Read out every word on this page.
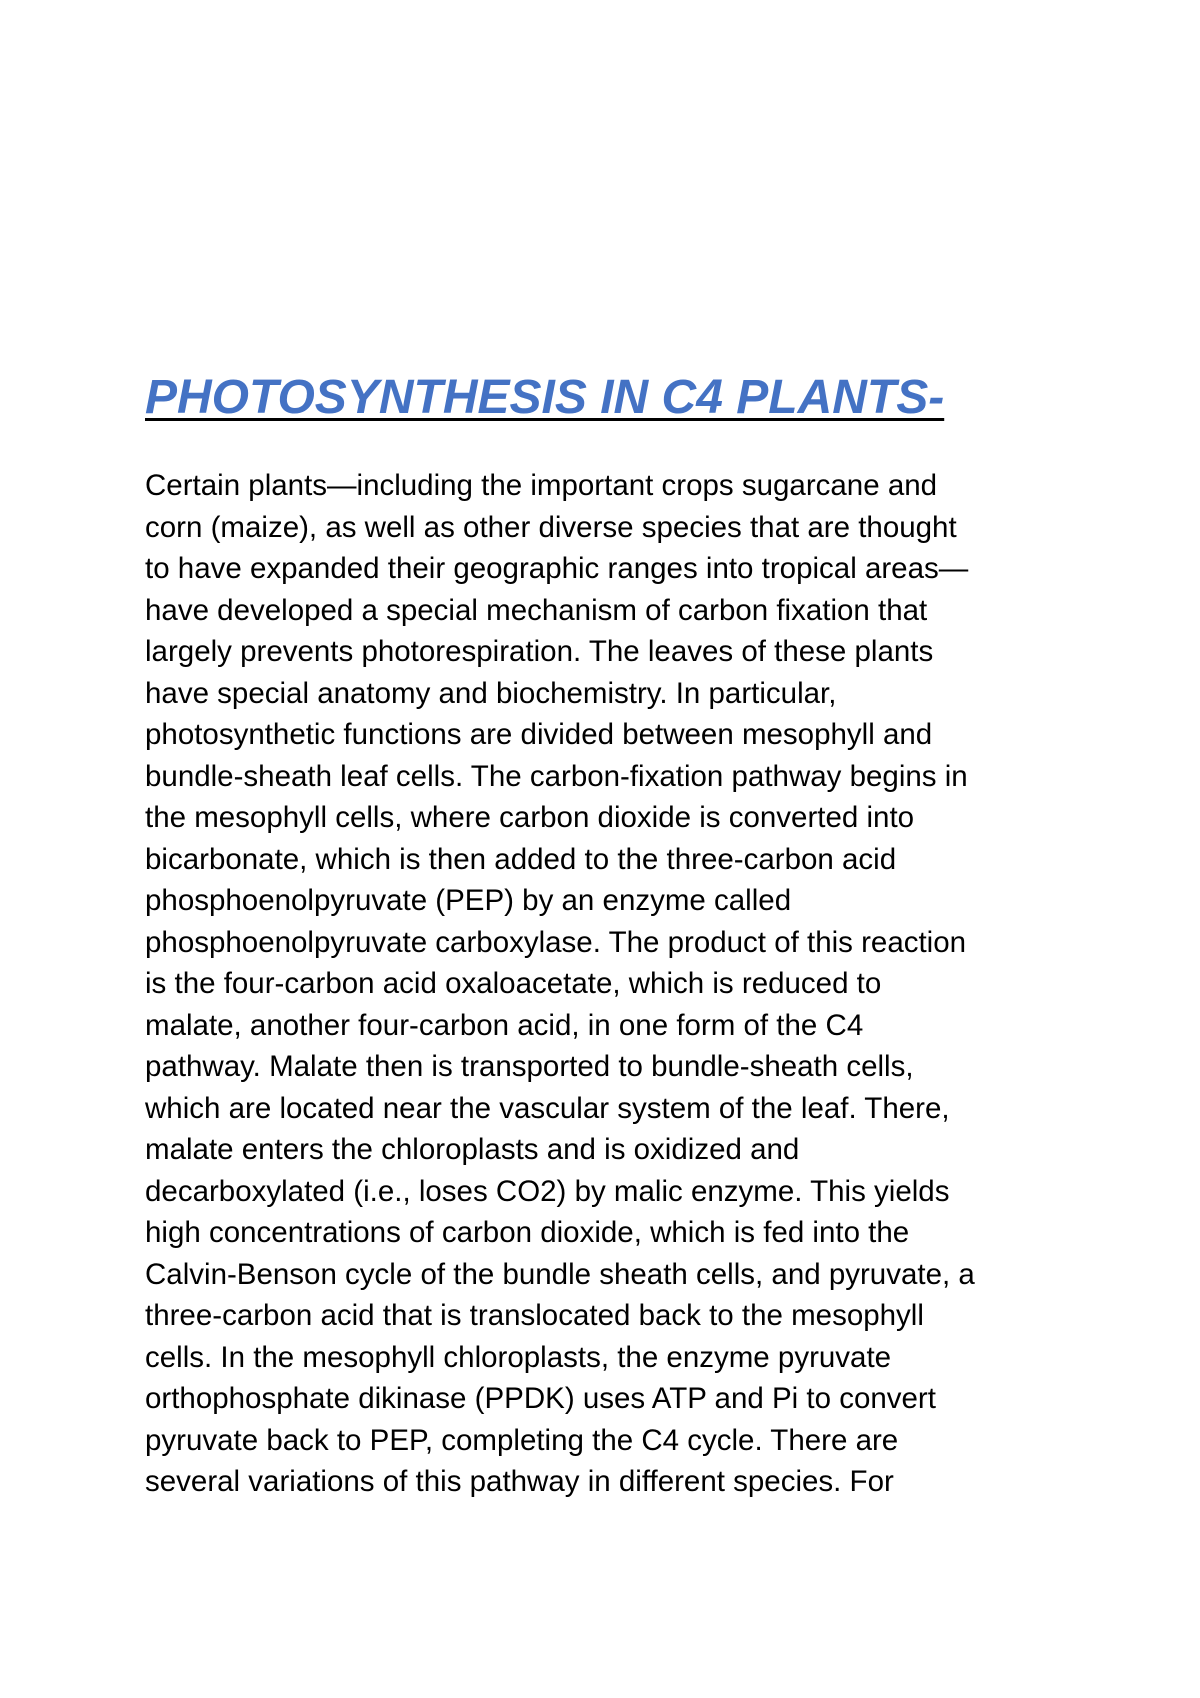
PHOTOSYNTHESIS IN C4 PLANTS-
Certain plants—including the important crops sugarcane and
corn (maize), as well as other diverse species that are thought
to have expanded their geographic ranges into tropical areas—
have developed a special mechanism of carbon fixation that
largely prevents photorespiration. The leaves of these plants
have special anatomy and biochemistry. In particular,
photosynthetic functions are divided between mesophyll and
bundle-sheath leaf cells. The carbon-fixation pathway begins in
the mesophyll cells, where carbon dioxide is converted into
bicarbonate, which is then added to the three-carbon acid
phosphoenolpyruvate (PEP) by an enzyme called
phosphoenolpyruvate carboxylase. The product of this reaction
is the four-carbon acid oxaloacetate, which is reduced to
malate, another four-carbon acid, in one form of the C4
pathway. Malate then is transported to bundle-sheath cells,
which are located near the vascular system of the leaf. There,
malate enters the chloroplasts and is oxidized and
decarboxylated (i.e., loses CO2) by malic enzyme. This yields
high concentrations of carbon dioxide, which is fed into the
Calvin-Benson cycle of the bundle sheath cells, and pyruvate, a
three-carbon acid that is translocated back to the mesophyll
cells. In the mesophyll chloroplasts, the enzyme pyruvate
orthophosphate dikinase (PPDK) uses ATP and Pi to convert
pyruvate back to PEP, completing the C4 cycle. There are
several variations of this pathway in different species. For
